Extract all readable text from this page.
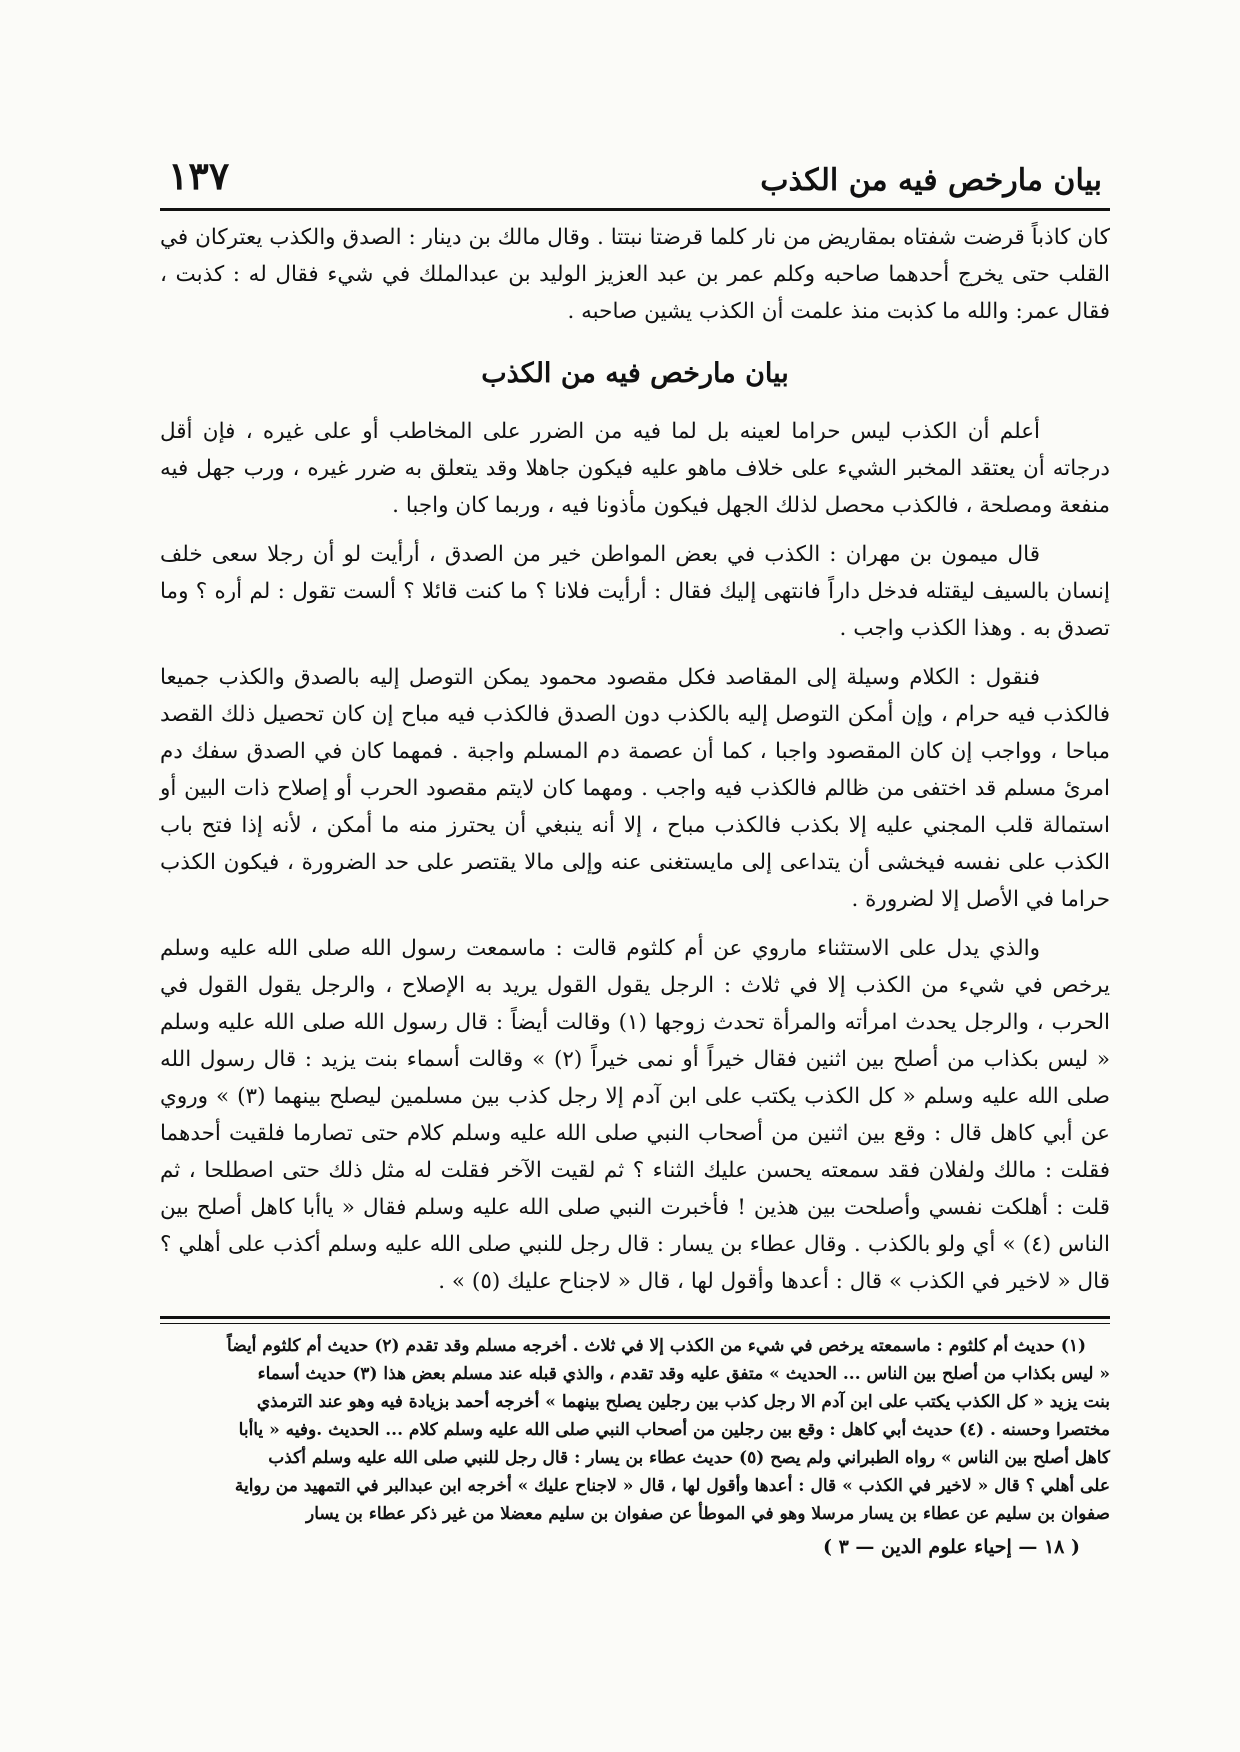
بيان مارخص فيه من الكذب
١٣٧

كان كاذباً قرضت شفتاه بمقاريض من نار كلما قرضتا نبتتا . وقال مالك بن دينار : الصدق والكذب يعتركان في القلب حتى يخرج أحدهما صاحبه وكلم عمر بن عبد العزيز الوليد بن عبدالملك في شيء فقال له : كذبت ، فقال عمر: والله ما كذبت منذ علمت أن الكذب يشين صاحبه .

بيان مارخص فيه من الكذب

أعلم أن الكذب ليس حراما لعينه بل لما فيه من الضرر على المخاطب أو على غيره ، فإن أقل درجاته أن يعتقد المخبر الشيء على خلاف ماهو عليه فيكون جاهلا وقد يتعلق به ضرر غيره ، ورب جهل فيه منفعة ومصلحة ، فالكذب محصل لذلك الجهل فيكون مأذونا فيه ، وربما كان واجبا .

قال ميمون بن مهران : الكذب في بعض المواطن خير من الصدق ، أرأيت لو أن رجلا سعى خلف إنسان بالسيف ليقتله فدخل داراً فانتهى إليك فقال : أرأيت فلانا ؟ ما كنت قائلا ؟ ألست تقول : لم أره ؟ وما تصدق به . وهذا الكذب واجب .

فنقول : الكلام وسيلة إلى المقاصد فكل مقصود محمود يمكن التوصل إليه بالصدق والكذب جميعا فالكذب فيه حرام ، وإن أمكن التوصل إليه بالكذب دون الصدق فالكذب فيه مباح إن كان تحصيل ذلك القصد مباحا ، وواجب إن كان المقصود واجبا ، كما أن عصمة دم المسلم واجبة . فمهما كان في الصدق سفك دم امرئ مسلم قد اختفى من ظالم فالكذب فيه واجب . ومهما كان لايتم مقصود الحرب أو إصلاح ذات البين أو استمالة قلب المجني عليه إلا بكذب فالكذب مباح ، إلا أنه ينبغي أن يحترز منه ما أمكن ، لأنه إذا فتح باب الكذب على نفسه فيخشى أن يتداعى إلى مايستغنى عنه وإلى مالا يقتصر على حد الضرورة ، فيكون الكذب حراما في الأصل إلا لضرورة .

والذي يدل على الاستثناء ماروي عن أم كلثوم قالت : ماسمعت رسول الله صلى الله عليه وسلم يرخص في شيء من الكذب إلا في ثلاث : الرجل يقول القول يريد به الإصلاح ، والرجل يقول القول في الحرب ، والرجل يحدث امرأته والمرأة تحدث زوجها (١) وقالت أيضاً : قال رسول الله صلى الله عليه وسلم « ليس بكذاب من أصلح بين اثنين فقال خيراً أو نمى خيراً (٢) » وقالت أسماء بنت يزيد : قال رسول الله صلى الله عليه وسلم « كل الكذب يكتب على ابن آدم إلا رجل كذب بين مسلمين ليصلح بينهما (٣) » وروي عن أبي كاهل قال : وقع بين اثنين من أصحاب النبي صلى الله عليه وسلم كلام حتى تصارما فلقيت أحدهما فقلت : مالك ولفلان فقد سمعته يحسن عليك الثناء ؟ ثم لقيت الآخر فقلت له مثل ذلك حتى اصطلحا ، ثم قلت : أهلكت نفسي وأصلحت بين هذين ! فأخبرت النبي صلى الله عليه وسلم فقال « ياأبا كاهل أصلح بين الناس (٤) » أي ولو بالكذب . وقال عطاء بن يسار : قال رجل للنبي صلى الله عليه وسلم أكذب على أهلي ؟ قال « لاخير في الكذب » قال : أعدها وأقول لها ، قال « لاجناح عليك (٥) » .

(١) حديث أم كلثوم : ماسمعته يرخص في شيء من الكذب إلا في ثلاث . أخرجه مسلم وقد تقدم (٢) حديث أم كلثوم أيضاً

« ليس بكذاب من أصلح بين الناس ... الحديث » متفق عليه وقد تقدم ، والذي قبله عند مسلم بعض هذا (٣) حديث أسماء

بنت يزيد « كل الكذب يكتب على ابن آدم الا رجل كذب بين رجلين يصلح بينهما » أخرجه أحمد بزيادة فيه وهو عند الترمذي

مختصرا وحسنه . (٤) حديث أبي كاهل : وقع بين رجلين من أصحاب النبي صلى الله عليه وسلم كلام ... الحديث .وفيه « ياأبا

كاهل أصلح بين الناس » رواه الطبراني ولم يصح (٥) حديث عطاء بن يسار : قال رجل للنبي صلى الله عليه وسلم أكذب

على أهلي ؟ قال « لاخير في الكذب » قال : أعدها وأقول لها ، قال « لاجناح عليك » أخرجه ابن عبدالبر في التمهيد من رواية

صفوان بن سليم عن عطاء بن يسار مرسلا وهو في الموطأ عن صفوان بن سليم معضلا من غير ذكر عطاء بن يسار

( ١٨ — إحياء علوم الدين — ٣ )
